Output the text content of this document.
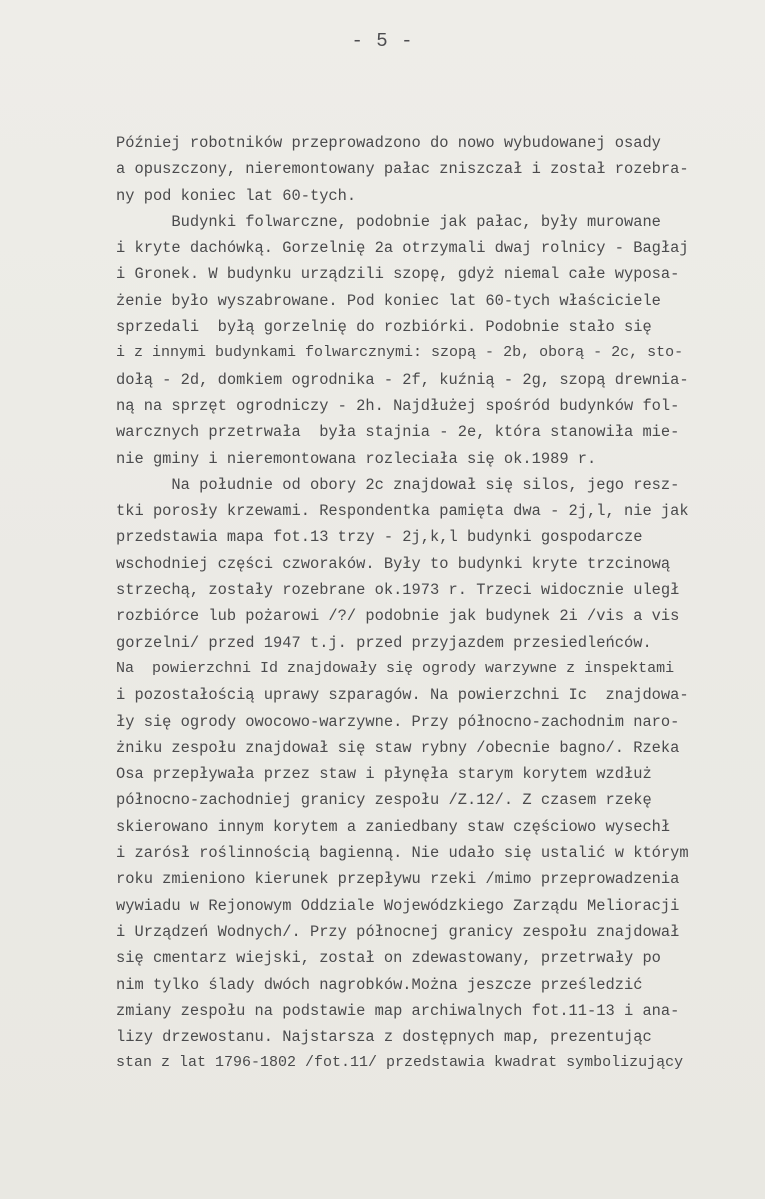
- 5 -
Później robotników przeprowadzono do nowo wybudowanej osady
a opuszczony, nieremontowany pałac zniszczał i został rozebra-
ny pod koniec lat 60-tych.
Budynki folwarczne, podobnie jak pałac, były murowane
i kryte dachówką. Gorzelnię 2a otrzymali dwaj rolnicy - Bagłaj
i Gronek. W budynku urządzili szopę, gdyż niemal całe wyposa-
żenie było wyszabrowane. Pod koniec lat 60-tych właściciele
sprzedali  byłą gorzelnię do rozbiórki. Podobnie stało się
i z innymi budynkami folwarcznymi: szopą - 2b, oborą - 2c, sto-
dołą - 2d, domkiem ogrodnika - 2f, kuźnią - 2g, szopą drewnia-
ną na sprzęt ogrodniczy - 2h. Najdłużej spośród budynków fol-
warcznych przetrwała  była stajnia - 2e, która stanowiła mie-
nie gminy i nieremontowana rozleciała się ok.1989 r.
Na południe od obory 2c znajdował się silos, jego resz-
tki porosły krzewami. Respondentka pamięta dwa - 2j,l, nie jak
przedstawia mapa fot.13 trzy - 2j,k,l budynki gospodarcze
wschodniej części czworaków. Były to budynki kryte trzcinową
strzechą, zostały rozebrane ok.1973 r. Trzeci widocznie uległ
rozbiórce lub pożarowi /?/ podobnie jak budynek 2i /vis a vis
gorzelni/ przed 1947 t.j. przed przyjazdem przesiedleńców.
Na  powierzchni Id znajdowały się ogrody warzywne z inspektami
i pozostałością uprawy szparagów. Na powierzchni Ic  znajdowa-
ły się ogrody owocowo-warzywne. Przy północno-zachodnim naro-
żniku zespołu znajdował się staw rybny /obecnie bagno/. Rzeka
Osa przepływała przez staw i płynęła starym korytem wzdłuż
północno-zachodniej granicy zespołu /Z.12/. Z czasem rzekę
skierowano innym korytem a zaniedbany staw częściowo wysechł
i zarósł roślinnością bagienną. Nie udało się ustalić w którym
roku zmieniono kierunek przepływu rzeki /mimo przeprowadzenia
wywiadu w Rejonowym Oddziale Wojewódzkiego Zarządu Melioracji
i Urządzeń Wodnych/. Przy północnej granicy zespołu znajdował
się cmentarz wiejski, został on zdewastowany, przetrwały po
nim tylko ślady dwóch nagrobków.Można jeszcze prześledzić
zmiany zespołu na podstawie map archiwalnych fot.11-13 i ana-
lizy drzewostanu. Najstarsza z dostępnych map, prezentując
stan z lat 1796-1802 /fot.11/ przedstawia kwadrat symbolizujący
